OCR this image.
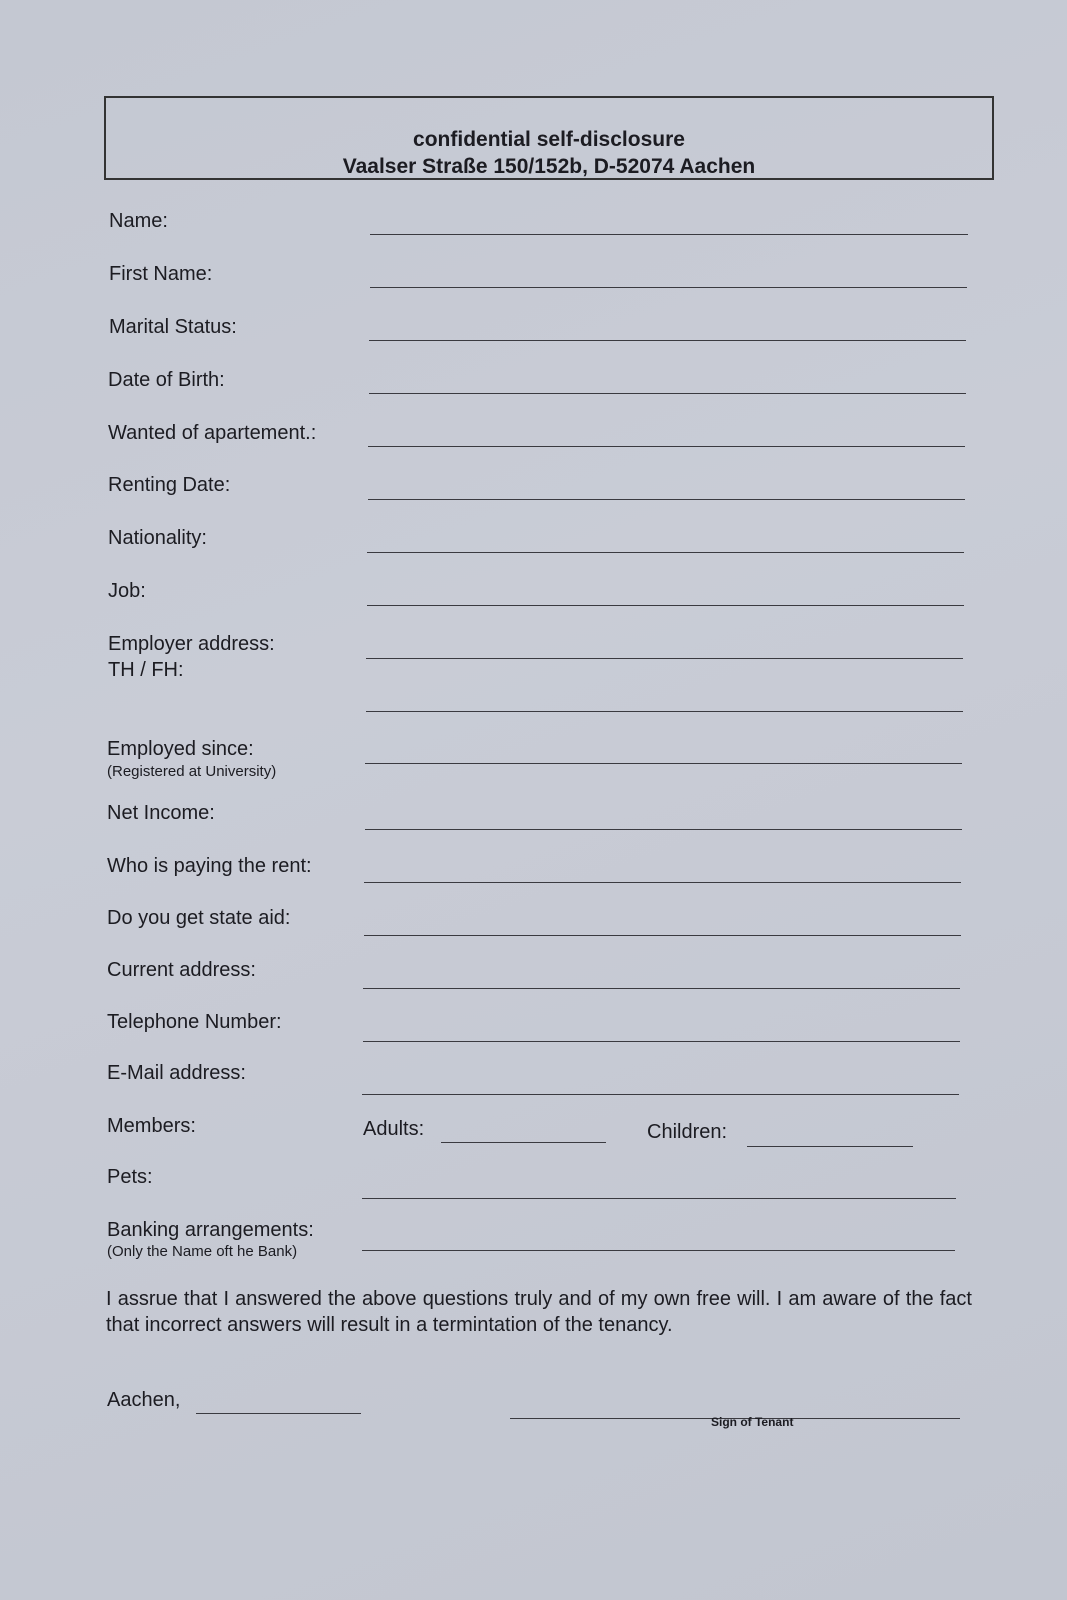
confidential self-disclosure
Vaalser Straße 150/152b, D-52074 Aachen
Name:
First Name:
Marital Status:
Date of Birth:
Wanted of apartement.:
Renting Date:
Nationality:
Job:
Employer address:
TH / FH:
Employed since:
(Registered at University)
Net Income:
Who is paying the rent:
Do you get state aid:
Current address:
Telephone Number:
E-Mail address:
Members:	Adults:	Children:
Pets:
Banking arrangements:
(Only the Name oft he Bank)
I assrue that I answered the above questions truly and of my own free will. I am aware of the fact that incorrect answers will result in a termintation of the tenancy.
Aachen,
Sign of Tenant
